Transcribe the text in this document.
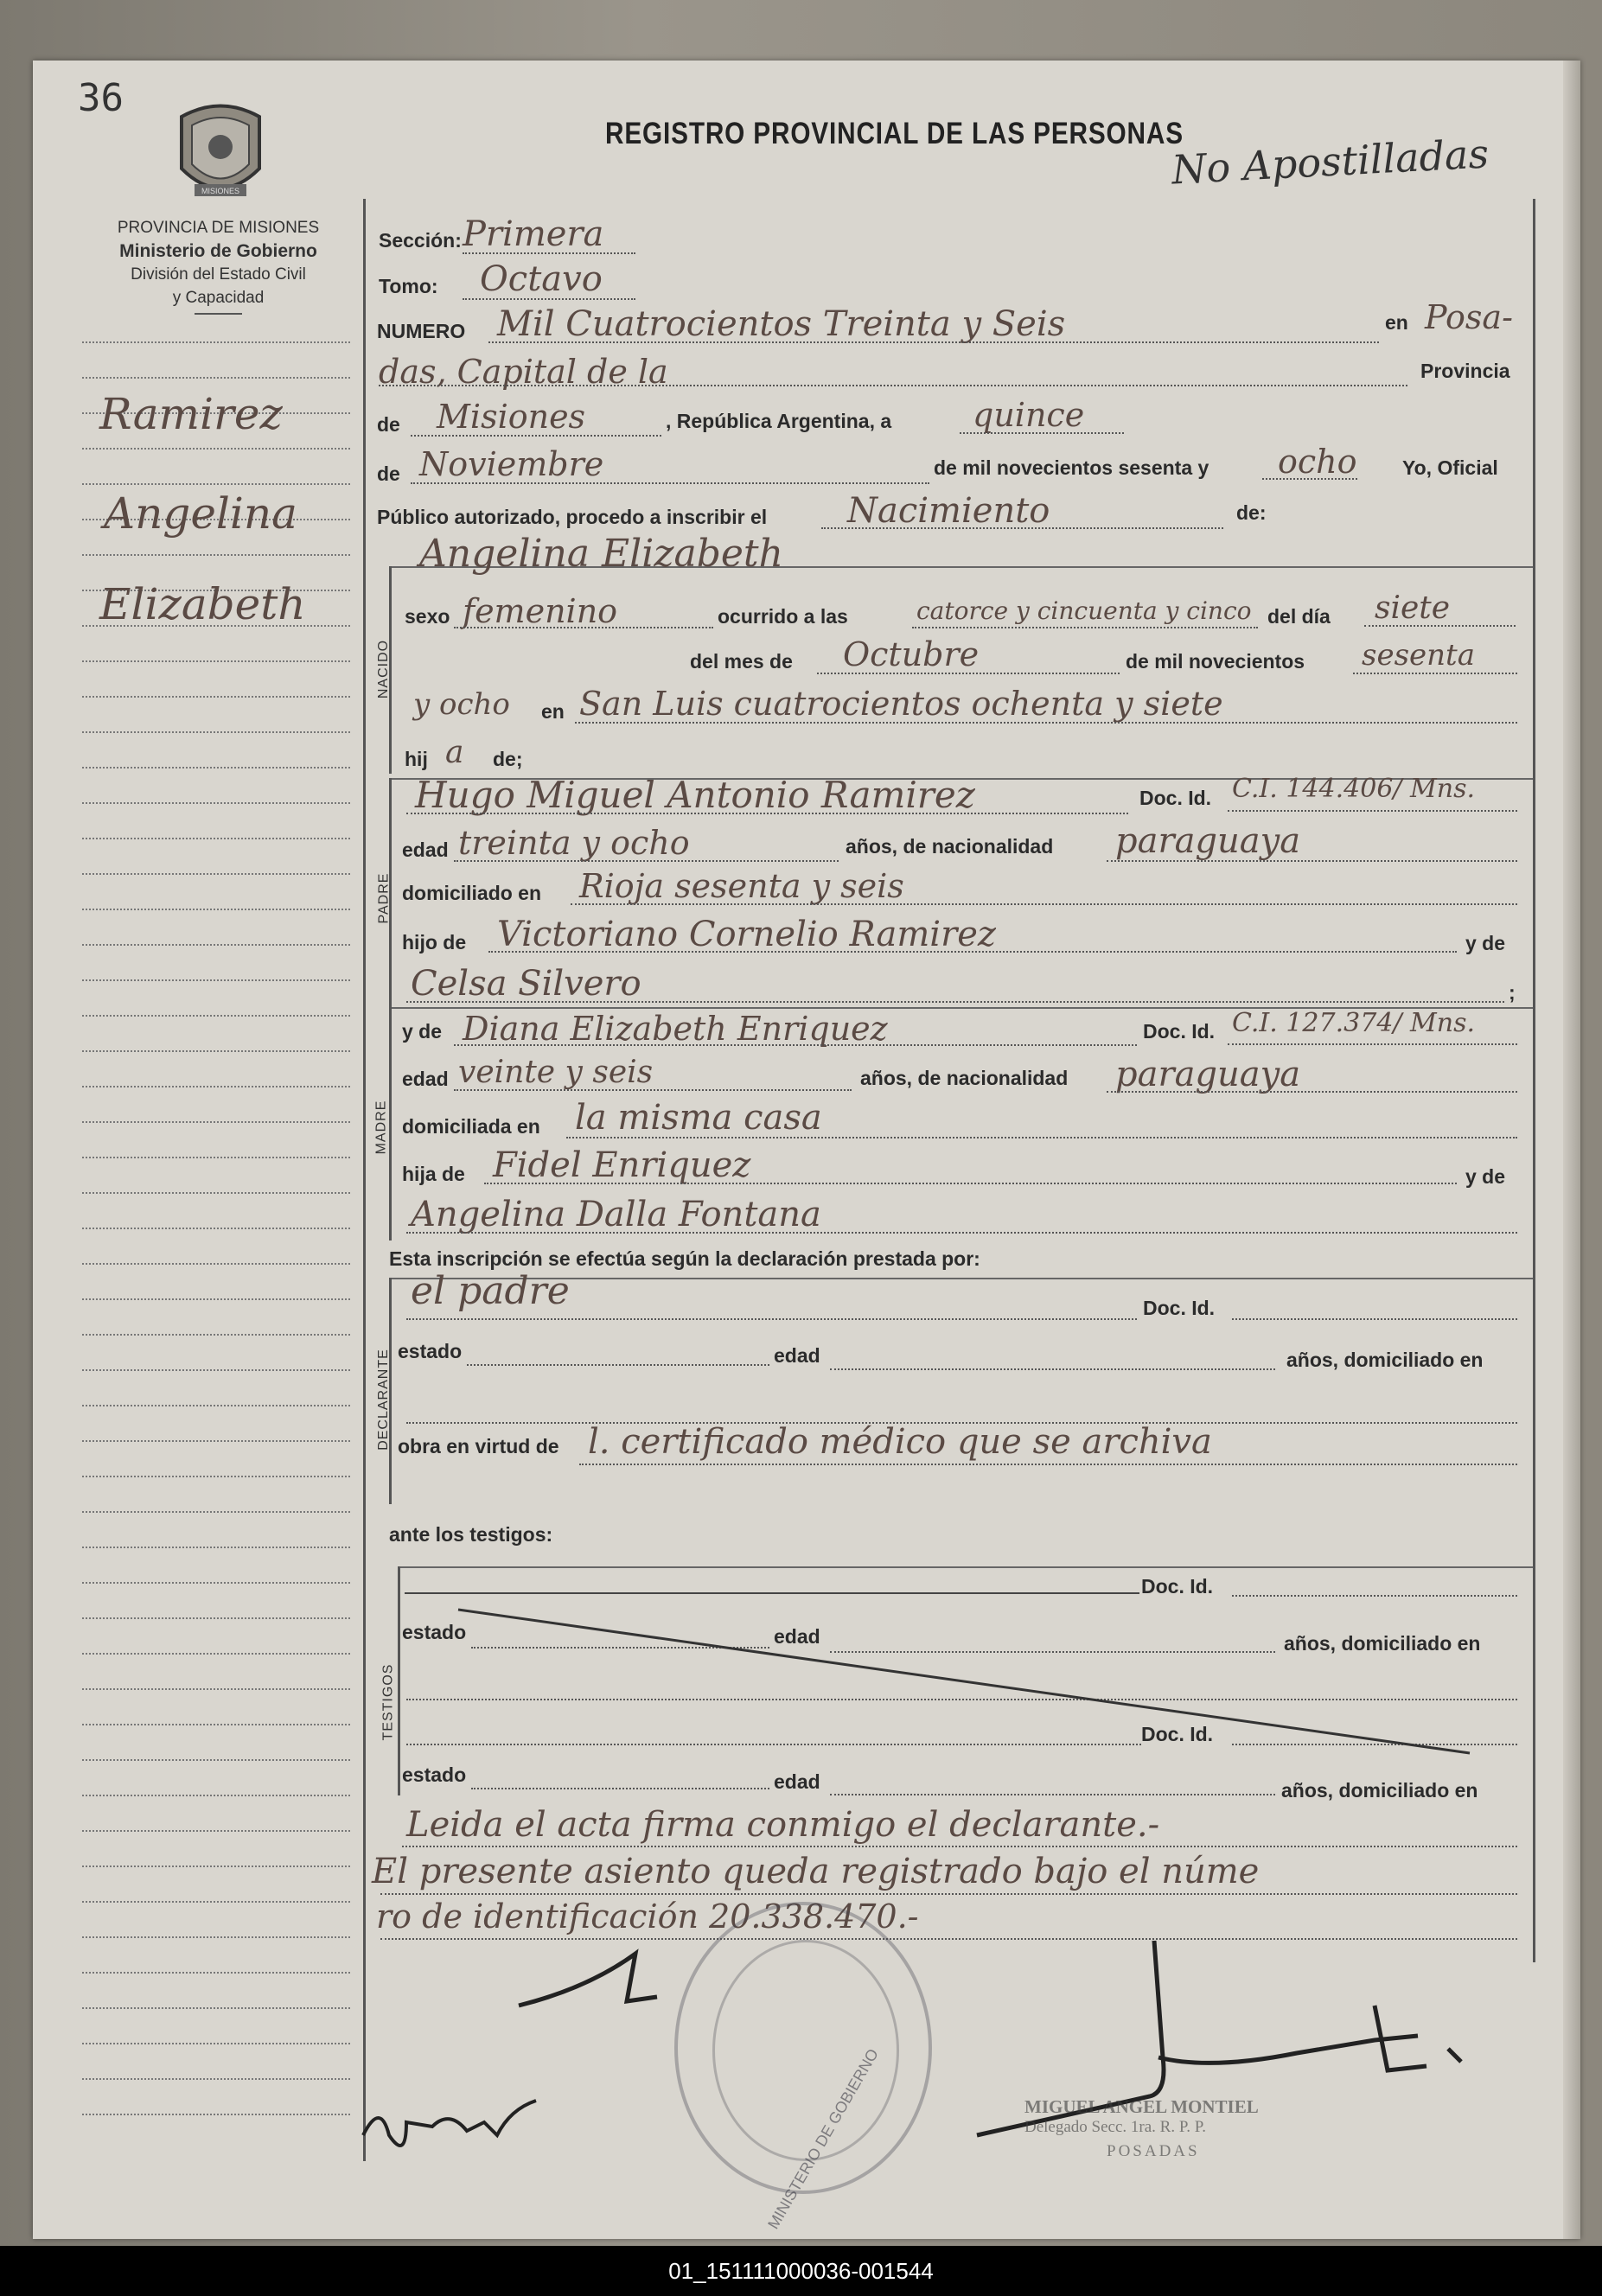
36
MISIONES
PROVINCIA DE MISIONES
Ministerio de Gobierno
División del Estado Civil
y Capacidad
REGISTRO PROVINCIAL DE LAS PERSONAS
No Apostilladas
Ramirez
Angelina
Elizabeth
Sección: Primera
Tomo: Octavo
NUMERO Mil Cuatrocientos Treinta y Seis	en Posa-
das, Capital de la	Provincia
de Misiones	, República Argentina, a quince
de Noviembre	de mil novecientos sesenta y ocho Yo, Oficial
Público autorizado, procedo a inscribir el Nacimiento	de:
NACIDO
Angelina Elizabeth
sexo femenino	ocurrido a las	catorce y cincuenta y cinco del día siete
del mes de Octubre	de mil novecientos sesenta
y ocho en San Luis cuatrocientos ochenta y siete
hij a de;
PADRE
Hugo Miguel Antonio Ramirez	Doc. Id. C.I. 144.406/ Mns.
edad treinta y ocho	años, de nacionalidad paraguaya
domiciliado en Rioja sesenta y seis
hijo de Victoriano Cornelio Ramirez	y de
Celsa Silvero	;
MADRE
y de Diana Elizabeth Enriquez	Doc. Id. C.I. 127.374/ Mns.
edad veinte y seis	años, de nacionalidad paraguaya
domiciliada en la misma casa
hija de Fidel Enriquez	y de
Angelina Dalla Fontana
Esta inscripción se efectúa según la declaración prestada por:
DECLARANTE
el padre	Doc. Id.
estado	edad	años, domiciliado en
obra en virtud de l. certificado médico que se archiva
ante los testigos:
TESTIGOS
Doc. Id.
estado	edad	años, domiciliado en
Doc. Id.
estado	edad	años, domiciliado en
Leida el acta firma conmigo el declarante.-
El presente asiento queda registrado bajo el núme
ro de identificación 20.338.470.-
MINISTERIO DE GOBIERNO	MIGUEL ANGEL MONTIEL
Delegado Secc. 1ra. R. P. P.
POSADAS
01_151111000036-001544
